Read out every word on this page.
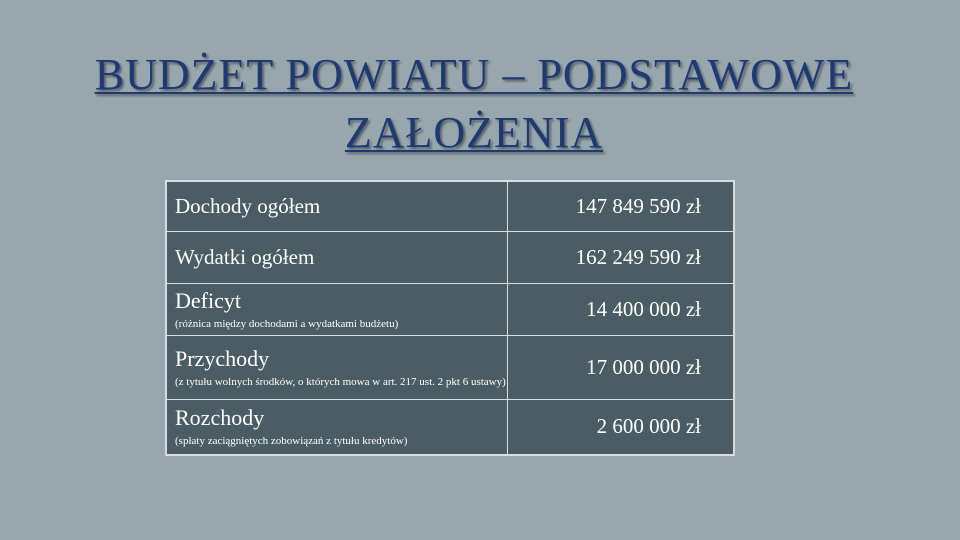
BUDŻET POWIATU – PODSTAWOWE
ZAŁOŻENIA
Dochody ogółem	147 849 590 zł

Wydatki ogółem	162 249 590 zł

Deficyt
(różnica między dochodami a wydatkami budżetu)	14 400 000 zł

Przychody
(z tytułu wolnych środków, o których mowa w art. 217 ust. 2 pkt 6 ustawy)	17 000 000 zł

Rozchody
(spłaty zaciągniętych zobowiązań z tytułu kredytów)	2 600 000 zł
